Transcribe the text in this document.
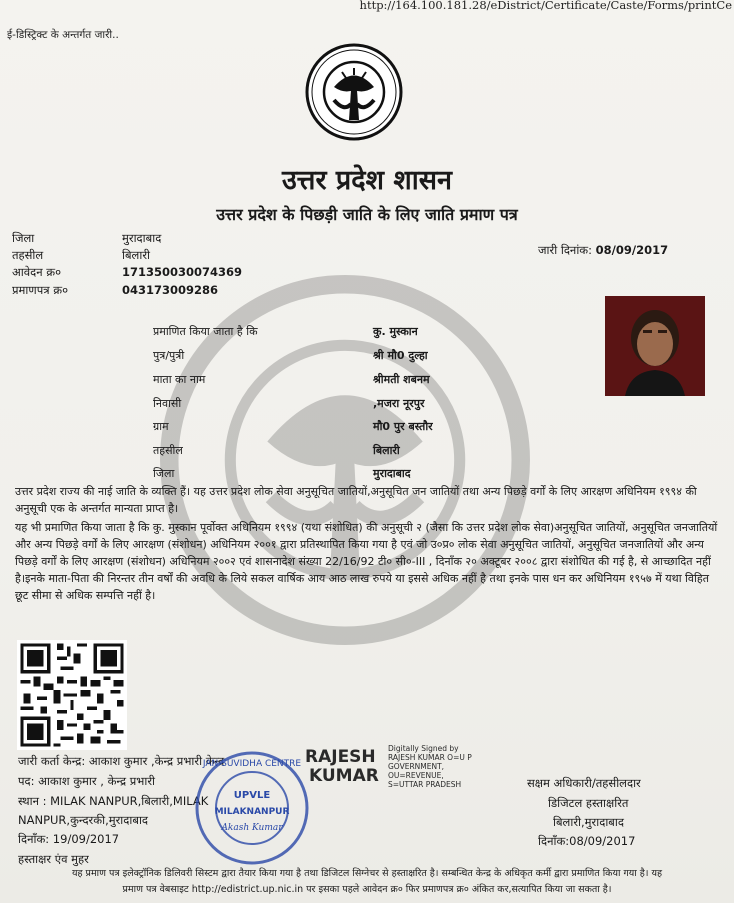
http://164.100.181.28/eDistrict/Certificate/Caste/Forms/printCe
ई-डिस्ट्रिक्ट के अन्तर्गत जारी..
उत्तर प्रदेश शासन
उत्तर प्रदेश के पिछड़ी जाति के लिए जाति प्रमाण पत्र
जिला	मुरादाबाद
तहसील	बिलारी
आवेदन क्र०	171350030074369
प्रमाणपत्र क्र०	043173009286
जारी दिनांक: 08/09/2017
प्रमाणित किया जाता है कि	कु. मुस्कान
पुत्र/पुत्री	श्री मौ0 दुल्हा
माता का नाम	श्रीमती शबनम
निवासी	,मजरा नूरपुर
ग्राम	मौ0 पुर बस्तौर
तहसील	बिलारी
जिला	मुरादाबाद
उत्तर प्रदेश राज्य की नाई जाति के व्यक्ति हैं। यह उत्तर प्रदेश लोक सेवा अनुसूचित जातियों,अनुसूचित जन जातियों तथा अन्य पिछड़े वर्गों के लिए आरक्षण अधिनियम १९९४ की अनुसूची एक के अन्तर्गत मान्यता प्राप्त है।
यह भी प्रमाणित किया जाता है कि कु. मुस्कान पूर्वोक्त अधिनियम १९९४ (यथा संशोधित) की अनुसूची २ (जैसा कि उत्तर प्रदेश लोक सेवा)अनुसूचित जातियों, अनुसूचित जनजातियों और अन्य पिछड़े वर्गों के लिए आरक्षण (संशोधन) अधिनियम २००१ द्वारा प्रतिस्थापित किया गया है एवं जो उ०प्र० लोक सेवा अनुसूचित जातियों, अनुसूचित जनजातियों और अन्य पिछड़े वर्गों के लिए आरक्षण (संशोधन) अधिनियम २००२ एवं शासनादेश संख्या 22/16/92 टी० सी०-III , दिनाँक २० अक्टूबर २००८ द्वारा संशोधित की गई है, से आच्छादित नहीं है।इनके माता-पिता की निरन्तर तीन वर्षों की अवधि के लिये सकल वार्षिक आय आठ लाख रुपये या इससे अधिक नहीं है तथा इनके पास धन कर अधिनियम १९५७ में यथा विहित छूट सीमा से अधिक सम्पत्ति नहीं है।
जारी कर्ता केन्द्र: आकाश कुमार ,केन्द्र प्रभारी केन्द्र
पद: आकाश कुमार , केन्द्र प्रभारी
स्थान : MILAK NANPUR,बिलारी,MILAK
NANPUR,कुन्दरकी,मुरादाबाद
दिनाँक: 19/09/2017
हस्ताक्षर एंव मुहर
JAN SUVIDHA CENTRE
UPVLE
MILAKNANPUR
Akash Kumar
RAJESH
KUMAR
Digitally Signed by
RAJESH KUMAR O=U P
GOVERNMENT,
OU=REVENUE,
S=UTTAR PRADESH	सक्षम अधिकारी/तहसीलदार
डिजिटल हस्ताक्षरित
बिलारी,मुरादाबाद
दिनाँक:08/09/2017
यह प्रमाण पत्र इलेक्ट्रॉनिक डिलिवरी सिस्टम द्वारा तैयार किया गया है तथा डिजिटल सिग्नेचर से हस्ताक्षरित है। सम्बन्धित केन्द्र के अधिकृत कर्मी द्वारा प्रमाणित किया गया है। यह
प्रमाण पत्र वेबसाइट http://edistrict.up.nic.in पर इसका पहले आवेदन क्र० फिर प्रमाणपत्र क्र० अंकित कर,सत्यापित किया जा सकता है।
